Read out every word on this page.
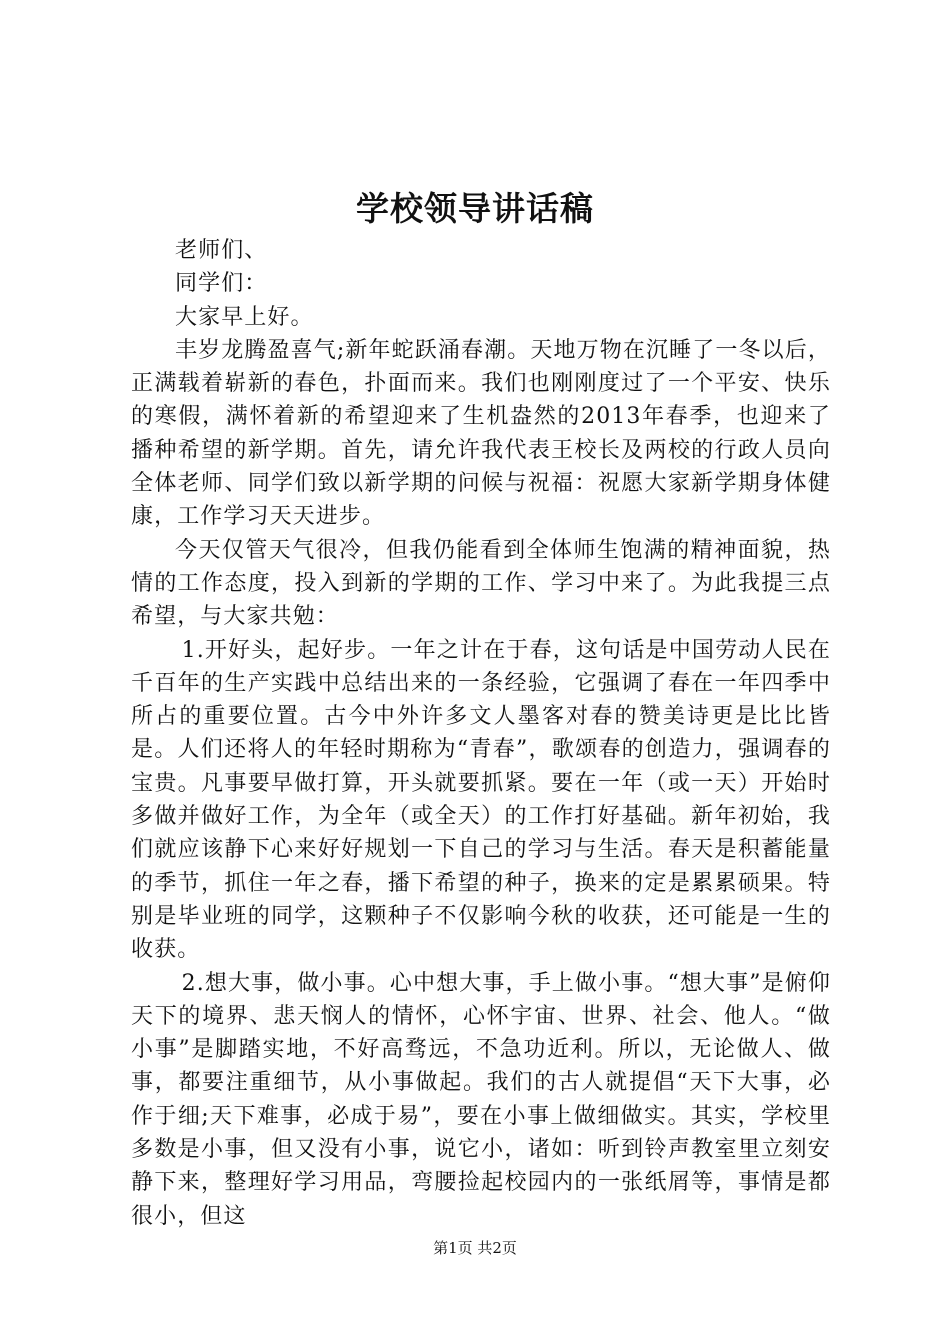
学校领导讲话稿

老师们、

同学们：

大家早上好。

丰岁龙腾盈喜气;新年蛇跃涌春潮。天地万物在沉睡了一冬以后，正满载着崭新的春色，扑面而来。我们也刚刚度过了一个平安、快乐的寒假，满怀着新的希望迎来了生机盎然的2013年春季，也迎来了播种希望的新学期。首先，请允许我代表王校长及两校的行政人员向全体老师、同学们致以新学期的问候与祝福：祝愿大家新学期身体健康，工作学习天天进步。

今天仅管天气很冷，但我仍能看到全体师生饱满的精神面貌，热情的工作态度，投入到新的学期的工作、学习中来了。为此我提三点希望，与大家共勉：

1.开好头，起好步。一年之计在于春，这句话是中国劳动人民在千百年的生产实践中总结出来的一条经验，它强调了春在一年四季中所占的重要位置。古今中外许多文人墨客对春的赞美诗更是比比皆是。人们还将人的年轻时期称为“青春”，歌颂春的创造力，强调春的宝贵。凡事要早做打算，开头就要抓紧。要在一年（或一天）开始时多做并做好工作，为全年（或全天）的工作打好基础。新年初始，我们就应该静下心来好好规划一下自己的学习与生活。春天是积蓄能量的季节，抓住一年之春，播下希望的种子，换来的定是累累硕果。特别是毕业班的同学，这颗种子不仅影响今秋的收获，还可能是一生的收获。

2.想大事，做小事。心中想大事，手上做小事。“想大事”是俯仰天下的境界、悲天悯人的情怀，心怀宇宙、世界、社会、他人。“做小事”是脚踏实地，不好高骛远，不急功近利。所以，无论做人、做事，都要注重细节，从小事做起。我们的古人就提倡“天下大事，必作于细;天下难事，必成于易”，要在小事上做细做实。其实，学校里多数是小事，但又没有小事，说它小，诸如：听到铃声教室里立刻安静下来，整理好学习用品，弯腰捡起校园内的一张纸屑等，事情是都很小，但这

第1页 共2页
